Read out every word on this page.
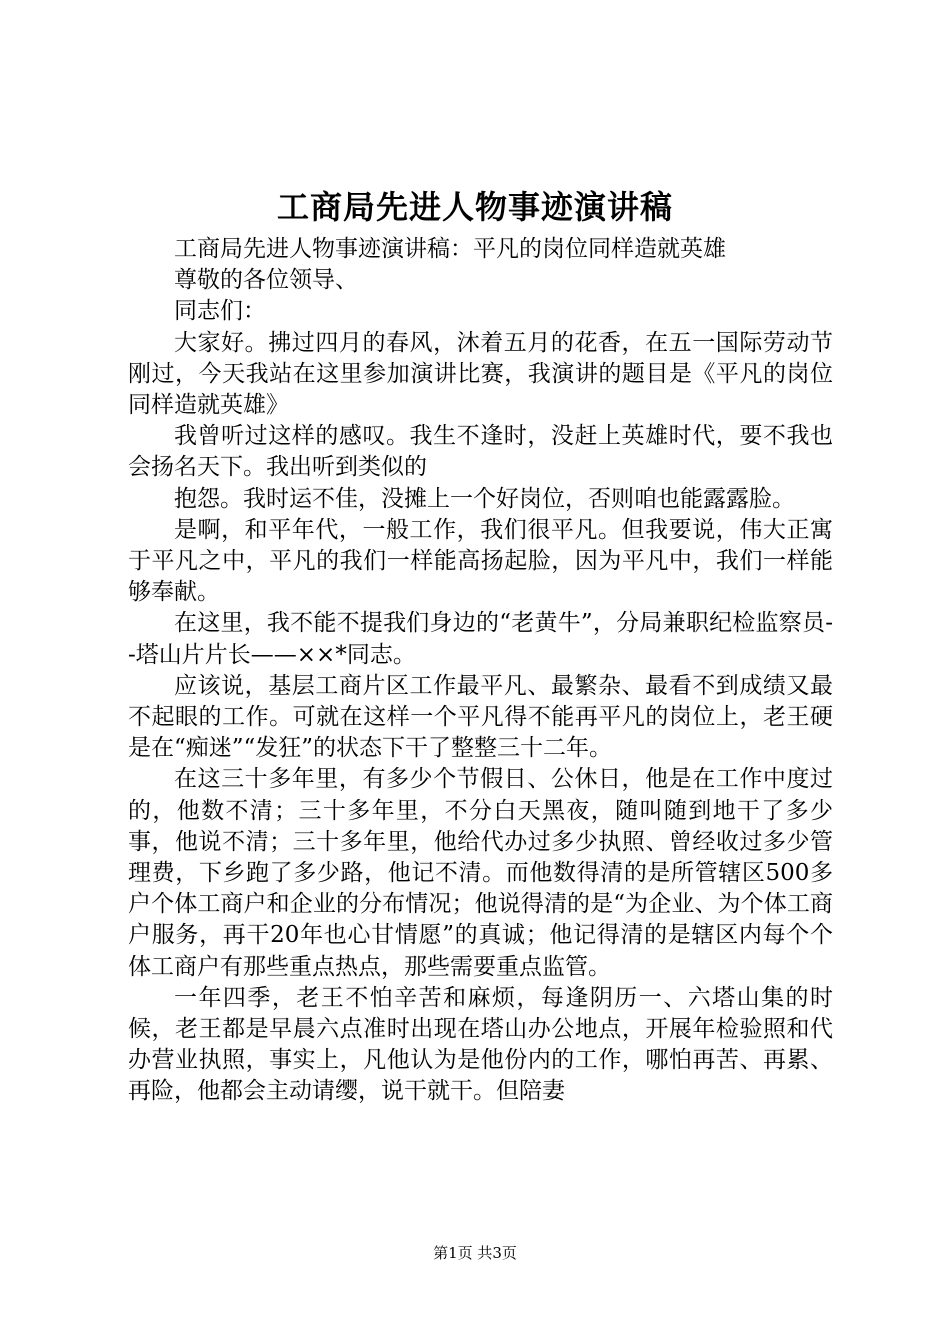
工商局先进人物事迹演讲稿

工商局先进人物事迹演讲稿：平凡的岗位同样造就英雄

尊敬的各位领导、

同志们：

大家好。拂过四月的春风，沐着五月的花香，在五一国际劳动节刚过，今天我站在这里参加演讲比赛，我演讲的题目是《平凡的岗位同样造就英雄》

我曾听过这样的感叹。我生不逢时，没赶上英雄时代，要不我也会扬名天下。我出听到类似的

抱怨。我时运不佳，没摊上一个好岗位，否则咱也能露露脸。

是啊，和平年代，一般工作，我们很平凡。但我要说，伟大正寓于平凡之中，平凡的我们一样能高扬起脸，因为平凡中，我们一样能够奉献。

在这里，我不能不提我们身边的“老黄牛”，分局兼职纪检监察员--塔山片片长——××*同志。

应该说，基层工商片区工作最平凡、最繁杂、最看不到成绩又最不起眼的工作。可就在这样一个平凡得不能再平凡的岗位上，老王硬是在“痴迷”“发狂”的状态下干了整整三十二年。

在这三十多年里，有多少个节假日、公休日，他是在工作中度过的，他数不清；三十多年里，不分白天黑夜，随叫随到地干了多少事，他说不清；三十多年里，他给代办过多少执照、曾经收过多少管理费，下乡跑了多少路，他记不清。而他数得清的是所管辖区500多户个体工商户和企业的分布情况；他说得清的是“为企业、为个体工商户服务，再干20年也心甘情愿”的真诚；他记得清的是辖区内每个个体工商户有那些重点热点，那些需要重点监管。

一年四季，老王不怕辛苦和麻烦，每逢阴历一、六塔山集的时候，老王都是早晨六点准时出现在塔山办公地点，开展年检验照和代办营业执照，事实上，凡他认为是他份内的工作，哪怕再苦、再累、再险，他都会主动请缨，说干就干。但陪妻

第1页 共3页
